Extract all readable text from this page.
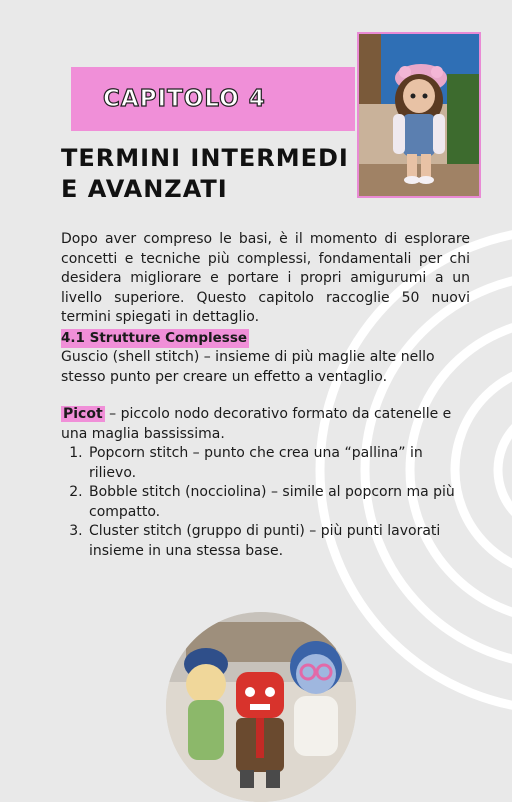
CAPITOLO 4
TERMINI INTERMEDI
E AVANZATI

Dopo aver compreso le basi, è il momento di esplorare concetti e tecniche più complessi, fondamentali per chi desidera migliorare e portare i propri amigurumi a un livello superiore. Questo capitolo raccoglie 50 nuovi termini spiegati in dettaglio.

4.1 Strutture Complesse

Guscio (shell stitch) – insieme di più maglie alte nello stesso punto per creare un effetto a ventaglio.

Picot – piccolo nodo decorativo formato da catenelle e una maglia bassissima.

1. Popcorn stitch – punto che crea una “pallina” in rilievo.
2. Bobble stitch (nocciolina) – simile al popcorn ma più compatto.
3. Cluster stitch (gruppo di punti) – più punti lavorati insieme in una stessa base.
